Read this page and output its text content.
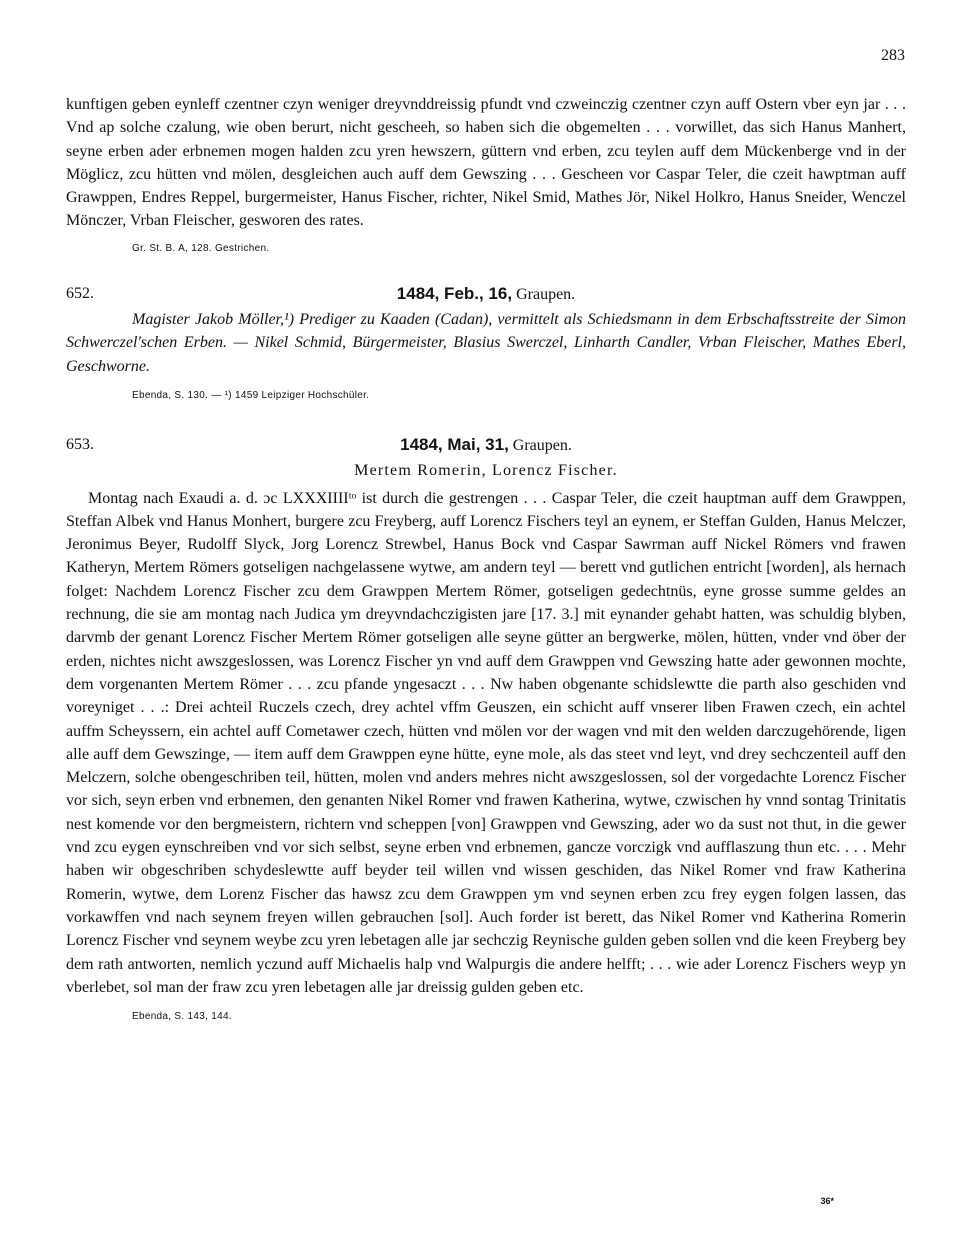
283

kunftigen geben eynleff czentner czyn weniger dreyvnddreissig pfundt vnd czweinczig czentner czyn auff Ostern vber eyn jar . . . Vnd ap solche czalung, wie oben berurt, nicht gescheeh, so haben sich die obgemelten . . . vorwillet, das sich Hanus Manhert, seyne erben ader erbnemen mogen halden zcu yren hewszern, güttern vnd erben, zcu teylen auff dem Mückenberge vnd in der Möglicz, zcu hütten vnd mölen, desgleichen auch auff dem Gewszing . . . Gescheen vor Caspar Teler, die czeit hawptman auff Grawppen, Endres Reppel, burgermeister, Hanus Fischer, richter, Nikel Smid, Mathes Jör, Nikel Holkro, Hanus Sneider, Wenczel Mönczer, Vrban Fleischer, gesworen des rates.

Gr. St. B. A, 128. Gestrichen.
652.	1484, Feb., 16, Graupen.

Magister Jakob Möller,¹) Prediger zu Kaaden (Cadan), vermittelt als Schiedsmann in dem Erbschaftsstreite der Simon Schwerczel'schen Erben. — Nikel Schmid, Bürgermeister, Blasius Swerczel, Linharth Candler, Vrban Fleischer, Mathes Eberl, Geschworne.

Ebenda, S. 130. — ¹) 1459 Leipziger Hochschüler.
653.	1484, Mai, 31, Graupen.
Mertem Romerin, Lorencz Fischer.

Montag nach Exaudi a. d. ɔc LXXXIIIIᵗᵒ ist durch die gestrengen . . . Caspar Teler, die czeit hauptman auff dem Grawppen, Steffan Albek vnd Hanus Monhert, burgere zcu Freyberg, auff Lorencz Fischers teyl an eynem, er Steffan Gulden, Hanus Melczer, Jeronimus Beyer, Rudolff Slyck, Jorg Lorencz Strewbel, Hanus Bock vnd Caspar Sawrman auff Nickel Römers vnd frawen Katheryn, Mertem Römers gotseligen nachgelassene wytwe, am andern teyl — berett vnd gutlichen entricht [worden], als hernach folget: Nachdem Lorencz Fischer zcu dem Grawppen Mertem Römer, gotseligen gedechtnüs, eyne grosse summe geldes an rechnung, die sie am montag nach Judica ym dreyvndachczigisten jare [17. 3.] mit eynander gehabt hatten, was schuldig blyben, darvmb der genant Lorencz Fischer Mertem Römer gotseligen alle seyne gütter an bergwerke, mölen, hütten, vnder vnd öber der erden, nichtes nicht awszgeslossen, was Lorencz Fischer yn vnd auff dem Grawppen vnd Gewszing hatte ader gewonnen mochte, dem vorgenanten Mertem Römer . . . zcu pfande yngesaczt . . . Nw haben obgenante schidslewtte die parth also geschiden vnd voreyniget . . .: Drei achteil Ruczels czech, drey achtel vffm Geuszen, ein schicht auff vnserer liben Frawen czech, ein achtel auffm Scheyssern, ein achtel auff Cometawer czech, hütten vnd mölen vor der wagen vnd mit den welden darczugehörende, ligen alle auff dem Gewszinge, — item auff dem Grawppen eyne hütte, eyne mole, als das steet vnd leyt, vnd drey sechczenteil auff den Melczern, solche obengeschriben teil, hütten, molen vnd anders mehres nicht awszgeslossen, sol der vorgedachte Lorencz Fischer vor sich, seyn erben vnd erbnemen, den genanten Nikel Romer vnd frawen Katherina, wytwe, czwischen hy vnnd sontag Trinitatis nest komende vor den bergmeistern, richtern vnd scheppen [von] Grawppen vnd Gewszing, ader wo da sust not thut, in die gewer vnd zcu eygen eynschreiben vnd vor sich selbst, seyne erben vnd erbnemen, gancze vorczigk vnd aufflaszung thun etc. . . . Mehr haben wir obgeschriben schydeslewtte auff beyder teil willen vnd wissen geschiden, das Nikel Romer vnd fraw Katherina Romerin, wytwe, dem Lorenz Fischer das hawsz zcu dem Grawppen ym vnd seynen erben zcu frey eygen folgen lassen, das vorkawffen vnd nach seynem freyen willen gebrauchen [sol]. Auch forder ist berett, das Nikel Romer vnd Katherina Romerin Lorencz Fischer vnd seynem weybe zcu yren lebetagen alle jar sechczig Reynische gulden geben sollen vnd die keen Freyberg bey dem rath antworten, nemlich yczund auff Michaelis halp vnd Walpurgis die andere helfft; . . . wie ader Lorencz Fischers weyp yn vberlebet, sol man der fraw zcu yren lebetagen alle jar dreissig gulden geben etc.

Ebenda, S. 143, 144.
36*
